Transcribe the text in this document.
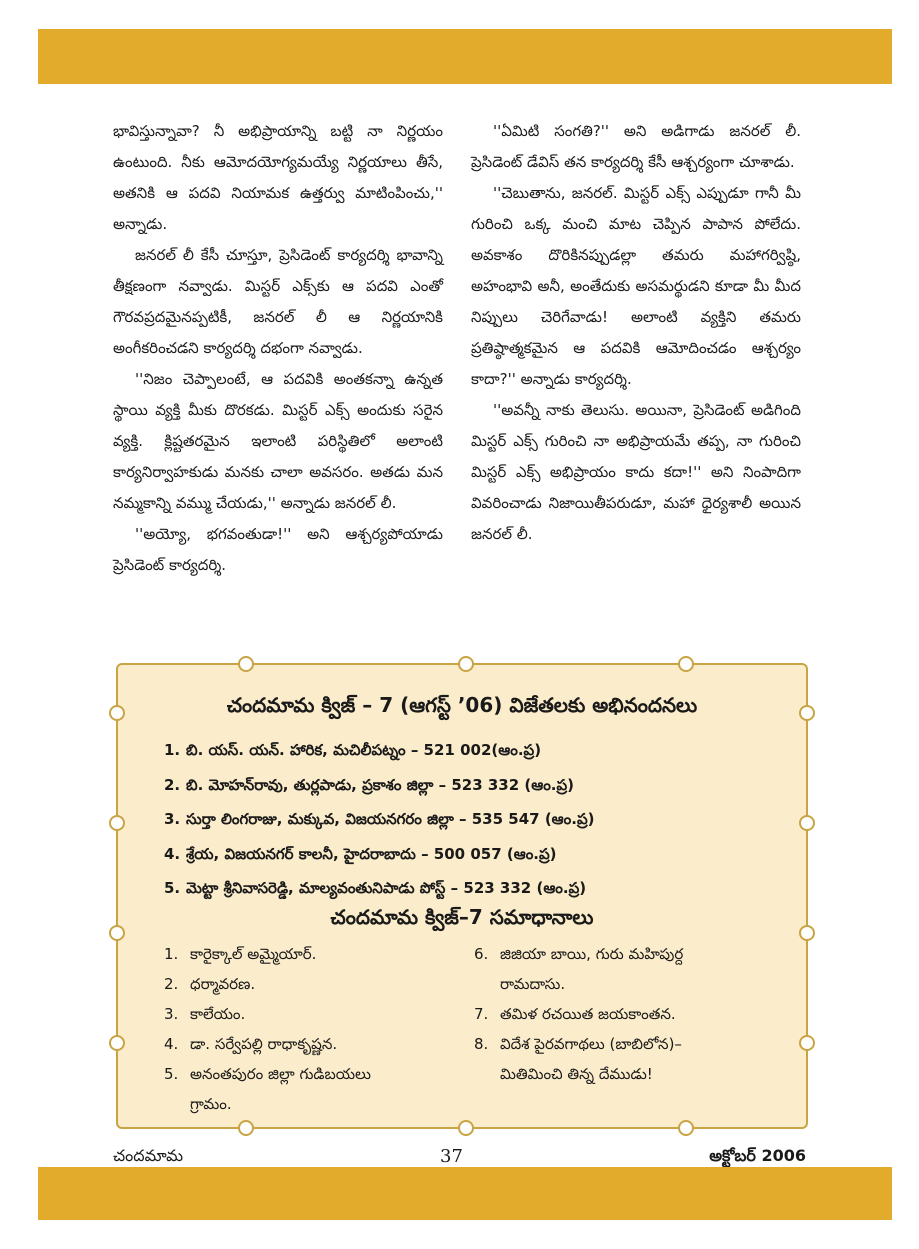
భావిస్తున్నావా? నీ అభిప్రాయాన్ని బట్టి నా నిర్ణయం ఉంటుంది. నీకు ఆమోదయోగ్యమయ్యే నిర్ణయాలు తీసే, అతనికి ఆ పదవి నియామక ఉత్తర్వు మాటింపించు,'' అన్నాడు.

జనరల్ లీ కేసీ చూస్తూ, ప్రెసిడెంట్ కార్యదర్శి భావాన్ని తీక్షణంగా నవ్వాడు. మిస్టర్ ఎక్స్‌కు ఆ పదవి ఎంతో గౌరవప్రదమైనప్పటికీ, జనరల్ లీ ఆ నిర్ణయానికి అంగీకరించడని కార్యదర్శి దభంగా నవ్వాడు.

''నిజం చెప్పాలంటే, ఆ పదవికి అంతకన్నా ఉన్నత స్థాయి వ్యక్తి మీకు దొరకడు. మిస్టర్ ఎక్స్ అందుకు సరైన వ్యక్తి. క్లిష్టతరమైన ఇలాంటి పరిస్థితిలో అలాంటి కార్యనిర్వాహకుడు మనకు చాలా అవసరం. అతడు మన నమ్మకాన్ని వమ్ము చేయడు,'' అన్నాడు జనరల్ లీ.

''అయ్యో, భగవంతుడా!'' అని ఆశ్చర్యపోయాడు ప్రెసిడెంట్ కార్యదర్శి.

''ఏమిటి సంగతి?'' అని అడిగాడు జనరల్ లీ. ప్రెసిడెంట్ డేవిస్ తన కార్యదర్శి కేసీ ఆశ్చర్యంగా చూశాడు.

''చెబుతాను, జనరల్. మిస్టర్ ఎక్స్ ఎప్పుడూ గానీ మీ గురించి ఒక్క మంచి మాట చెప్పిన పాపాన పోలేదు. అవకాశం దొరికినప్పుడల్లా తమరు మహాగర్విష్ఠి, అహంభావి అనీ, అంతేదుకు అసమర్థుడని కూడా మీ మీద నిప్పులు చెరిగేవాడు! అలాంటి వ్యక్తిని తమరు ప్రతిష్ఠాత్మకమైన ఆ పదవికి ఆమోదించడం ఆశ్చర్యం కాదా?'' అన్నాడు కార్యదర్శి.

''అవన్నీ నాకు తెలుసు. అయినా, ప్రెసిడెంట్ అడిగింది మిస్టర్ ఎక్స్ గురించి నా అభిప్రాయమే తప్ప, నా గురించి మిస్టర్ ఎక్స్ అభిప్రాయం కాదు కదా!'' అని నింపాదిగా వివరించాడు నిజాయితీపరుడూ, మహా ధైర్యశాలీ అయిన జనరల్ లీ.

చందమామ క్విజ్ – 7 (ఆగస్ట్ ’06) విజేతలకు అభినందనలు
1. బి. యస్. యన్. హారిక, మచిలీపట్నం – 521 002(ఆం.ప్ర)
2. బి. మోహన్‌రావు, తుర్లపాడు, ప్రకాశం జిల్లా – 523 332 (ఆం.ప్ర)
3. సుర్తా లింగరాజు, మక్కువ, విజయనగరం జిల్లా – 535 547 (ఆం.ప్ర)
4. శ్రేయ, విజయనగర్ కాలనీ, హైదరాబాదు – 500 057 (ఆం.ప్ర)
5. మెట్టా శ్రీనివాసరెడ్డి, మాల్యవంతునిపాడు పోస్ట్ – 523 332 (ఆం.ప్ర)
చందమామ క్విజ్–7 సమాధానాలు
1. కారైక్కాల్ అమ్మైయార్.
2. ధర్మావరణ.
3. కాలేయం.
4. డా. సర్వేపల్లి రాధాకృష్ణన.
5. అనంతపురం జిల్లా గుడిబయలు
గ్రామం.
6. జిజియా బాయి, గురు మహిపుర్ద
రామదాసు.
7. తమిళ రచయిత జయకాంతన.
8. విదేశ పైరవగాథలు (బాబిలోన)–
మితిమించి తిన్న దేముడు!
చందమామ	37	అక్టోబర్ 2006
